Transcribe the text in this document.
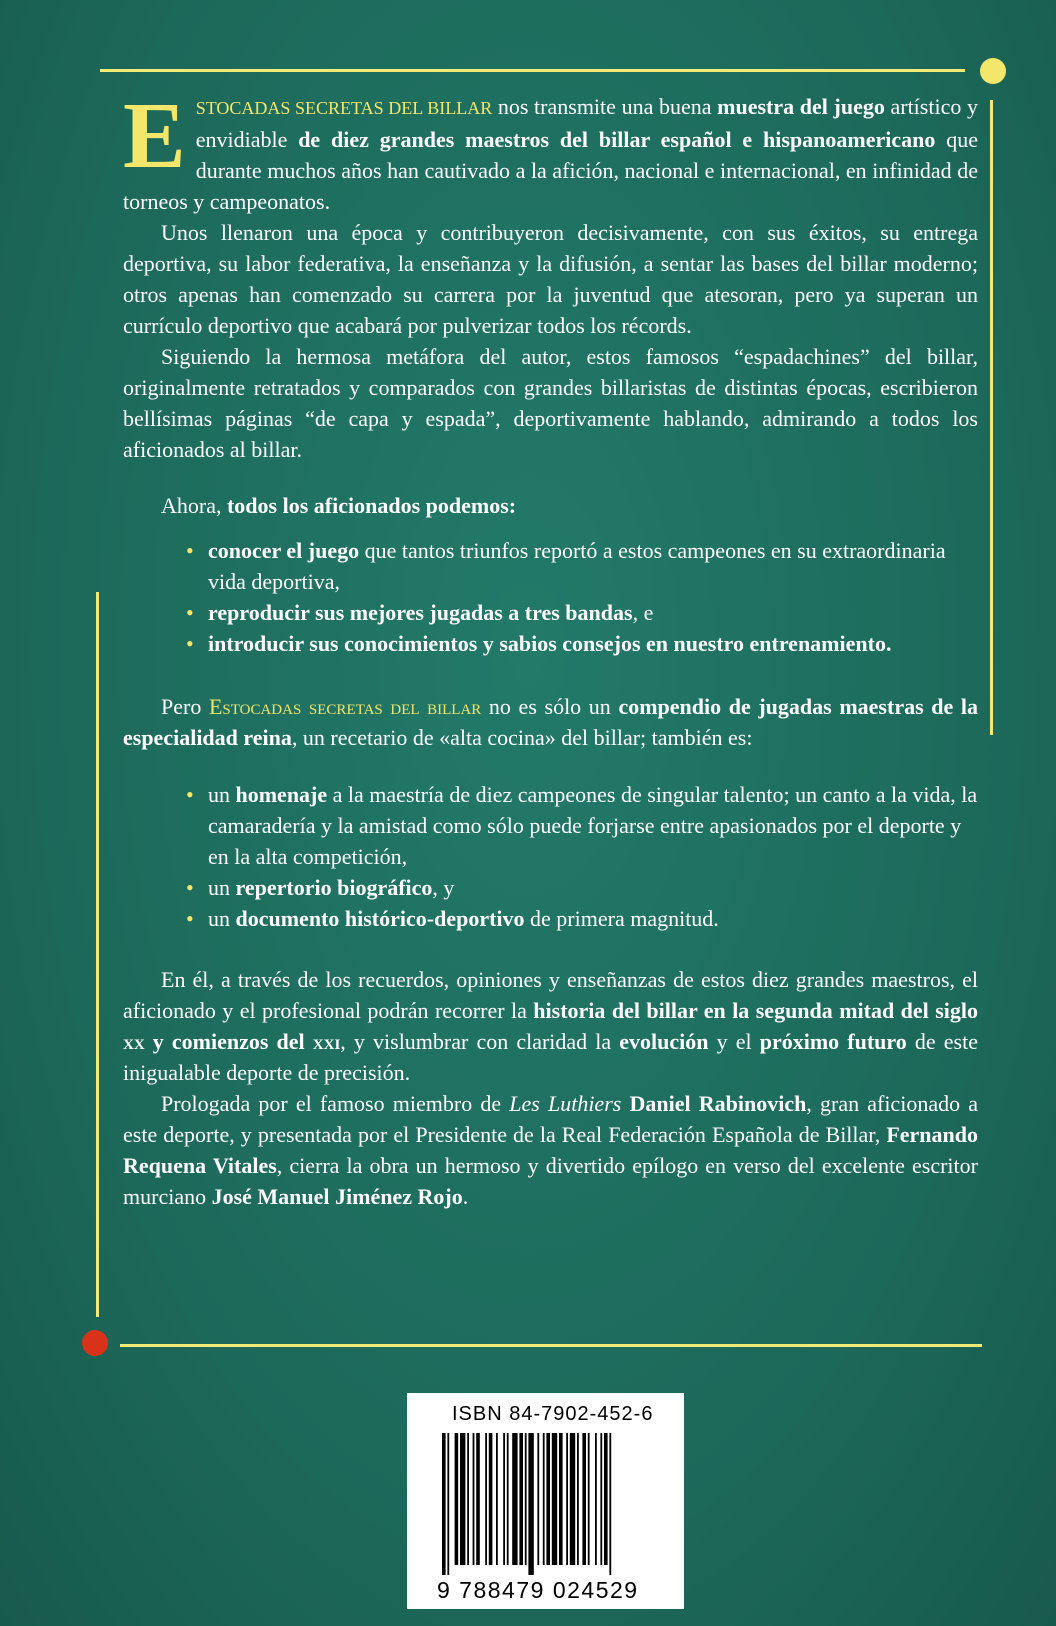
ESTOCADAS SECRETAS DEL BILLAR nos transmite una buena muestra del juego artístico y envidiable de diez grandes maestros del billar español e hispanoamericano que durante muchos años han cautivado a la afición, nacional e internacional, en infinidad de torneos y campeonatos.

Unos llenaron una época y contribuyeron decisivamente, con sus éxitos, su entrega deportiva, su labor federativa, la enseñanza y la difusión, a sentar las bases del billar moderno; otros apenas han comenzado su carrera por la juventud que atesoran, pero ya superan un currículo deportivo que acabará por pulverizar todos los récords.

Siguiendo la hermosa metáfora del autor, estos famosos “espadachines” del billar, originalmente retratados y comparados con grandes billaristas de distintas épocas, escribieron bellísimas páginas “de capa y espada”, deportivamente hablando, admirando a todos los aficionados al billar.

Ahora, todos los aficionados podemos:

• conocer el juego que tantos triunfos reportó a estos campeones en su extraordinaria vida deportiva,
• reproducir sus mejores jugadas a tres bandas, e
• introducir sus conocimientos y sabios consejos en nuestro entrenamiento.

Pero Estocadas secretas del billar no es sólo un compendio de jugadas maestras de la especialidad reina, un recetario de «alta cocina» del billar; también es:

• un homenaje a la maestría de diez campeones de singular talento; un canto a la vida, la camaradería y la amistad como sólo puede forjarse entre apasionados por el deporte y en la alta competición,
• un repertorio biográfico, y
• un documento histórico-deportivo de primera magnitud.

En él, a través de los recuerdos, opiniones y enseñanzas de estos diez grandes maestros, el aficionado y el profesional podrán recorrer la historia del billar en la segunda mitad del siglo xx y comienzos del xxi, y vislumbrar con claridad la evolución y el próximo futuro de este inigualable deporte de precisión.

Prologada por el famoso miembro de Les Luthiers Daniel Rabinovich, gran aficionado a este deporte, y presentada por el Presidente de la Real Federación Española de Billar, Fernando Requena Vitales, cierra la obra un hermoso y divertido epílogo en verso del excelente escritor murciano José Manuel Jiménez Rojo.

ISBN 84-7902-452-6
9 788479 024529
